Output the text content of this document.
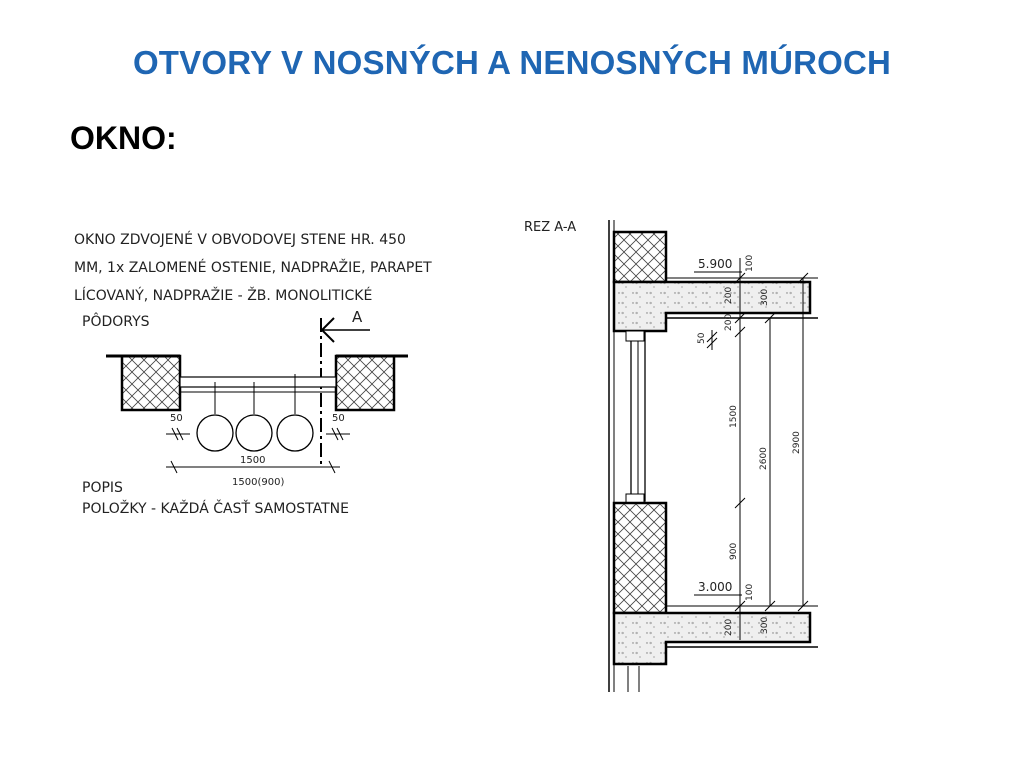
OTVORY V NOSNÝCH A NENOSNÝCH MÚROCH
OKNO:
OKNO ZDVOJENÉ V OBVODOVEJ STENE HR. 450
MM, 1x ZALOMENÉ OSTENIE, NADPRAŽIE, PARAPET
LÍCOVANÝ, NADPRAŽIE - ŽB. MONOLITICKÉ
PÔDORYS	A
50	50
1500
1500(900)
POPIS
POLOŽKY - KAŽDÁ ČASŤ SAMOSTATNE
REZ A-A
5.900
3.000
100
200	300
200
50
1500
900
2600
2900
100
200	300
